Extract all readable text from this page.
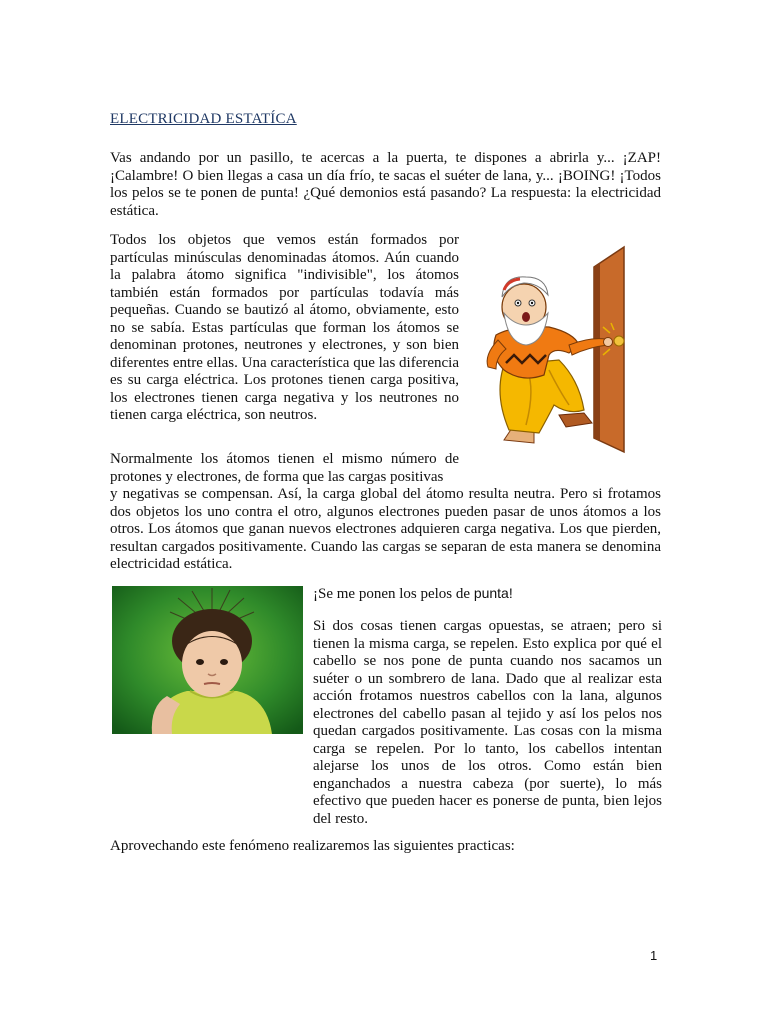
ELECTRICIDAD ESTATÍCA

Vas andando por un pasillo, te acercas a la puerta, te dispones a abrirla y... ¡ZAP! ¡Calambre! O bien llegas a casa un día frío, te sacas el suéter de lana, y... ¡BOING! ¡Todos los pelos se te ponen de punta! ¿Qué demonios está pasando? La respuesta: la electricidad estática.

Todos los objetos que vemos están formados por partículas minúsculas denominadas átomos. Aún cuando la palabra átomo significa "indivisible", los átomos también están formados por partículas todavía más pequeñas. Cuando se bautizó al átomo, obviamente, esto no se sabía. Estas partículas que forman los átomos se denominan protones, neutrones y electrones, y son bien diferentes entre ellas. Una característica que las diferencia es su carga eléctrica. Los protones tienen carga positiva, los electrones tienen carga negativa y los neutrones no tienen carga eléctrica, son neutros.

Normalmente los átomos tienen el mismo número de protones y electrones, de forma que las cargas positivas

y negativas se compensan. Así, la carga global del átomo resulta neutra. Pero si frotamos dos objetos los uno contra el otro, algunos electrones pueden pasar de unos átomos a los otros. Los átomos que ganan nuevos electrones adquieren carga negativa. Los que pierden, resultan cargados positivamente. Cuando las cargas se separan de esta manera se denomina electricidad estática.

¡Se me ponen los pelos de punta!

Si dos cosas tienen cargas opuestas, se atraen; pero si tienen la misma carga, se repelen. Esto explica por qué el cabello se nos pone de punta cuando nos sacamos un suéter o un sombrero de lana. Dado que al realizar esta acción frotamos nuestros cabellos con la lana, algunos electrones del cabello pasan al tejido y así los pelos nos quedan cargados positivamente. Las cosas con la misma carga se repelen. Por lo tanto, los cabellos intentan alejarse los unos de los otros. Como están bien enganchados a nuestra cabeza (por suerte), lo más efectivo que pueden hacer es ponerse de punta, bien lejos del resto.

Aprovechando este fenómeno realizaremos las siguientes practicas:

1
